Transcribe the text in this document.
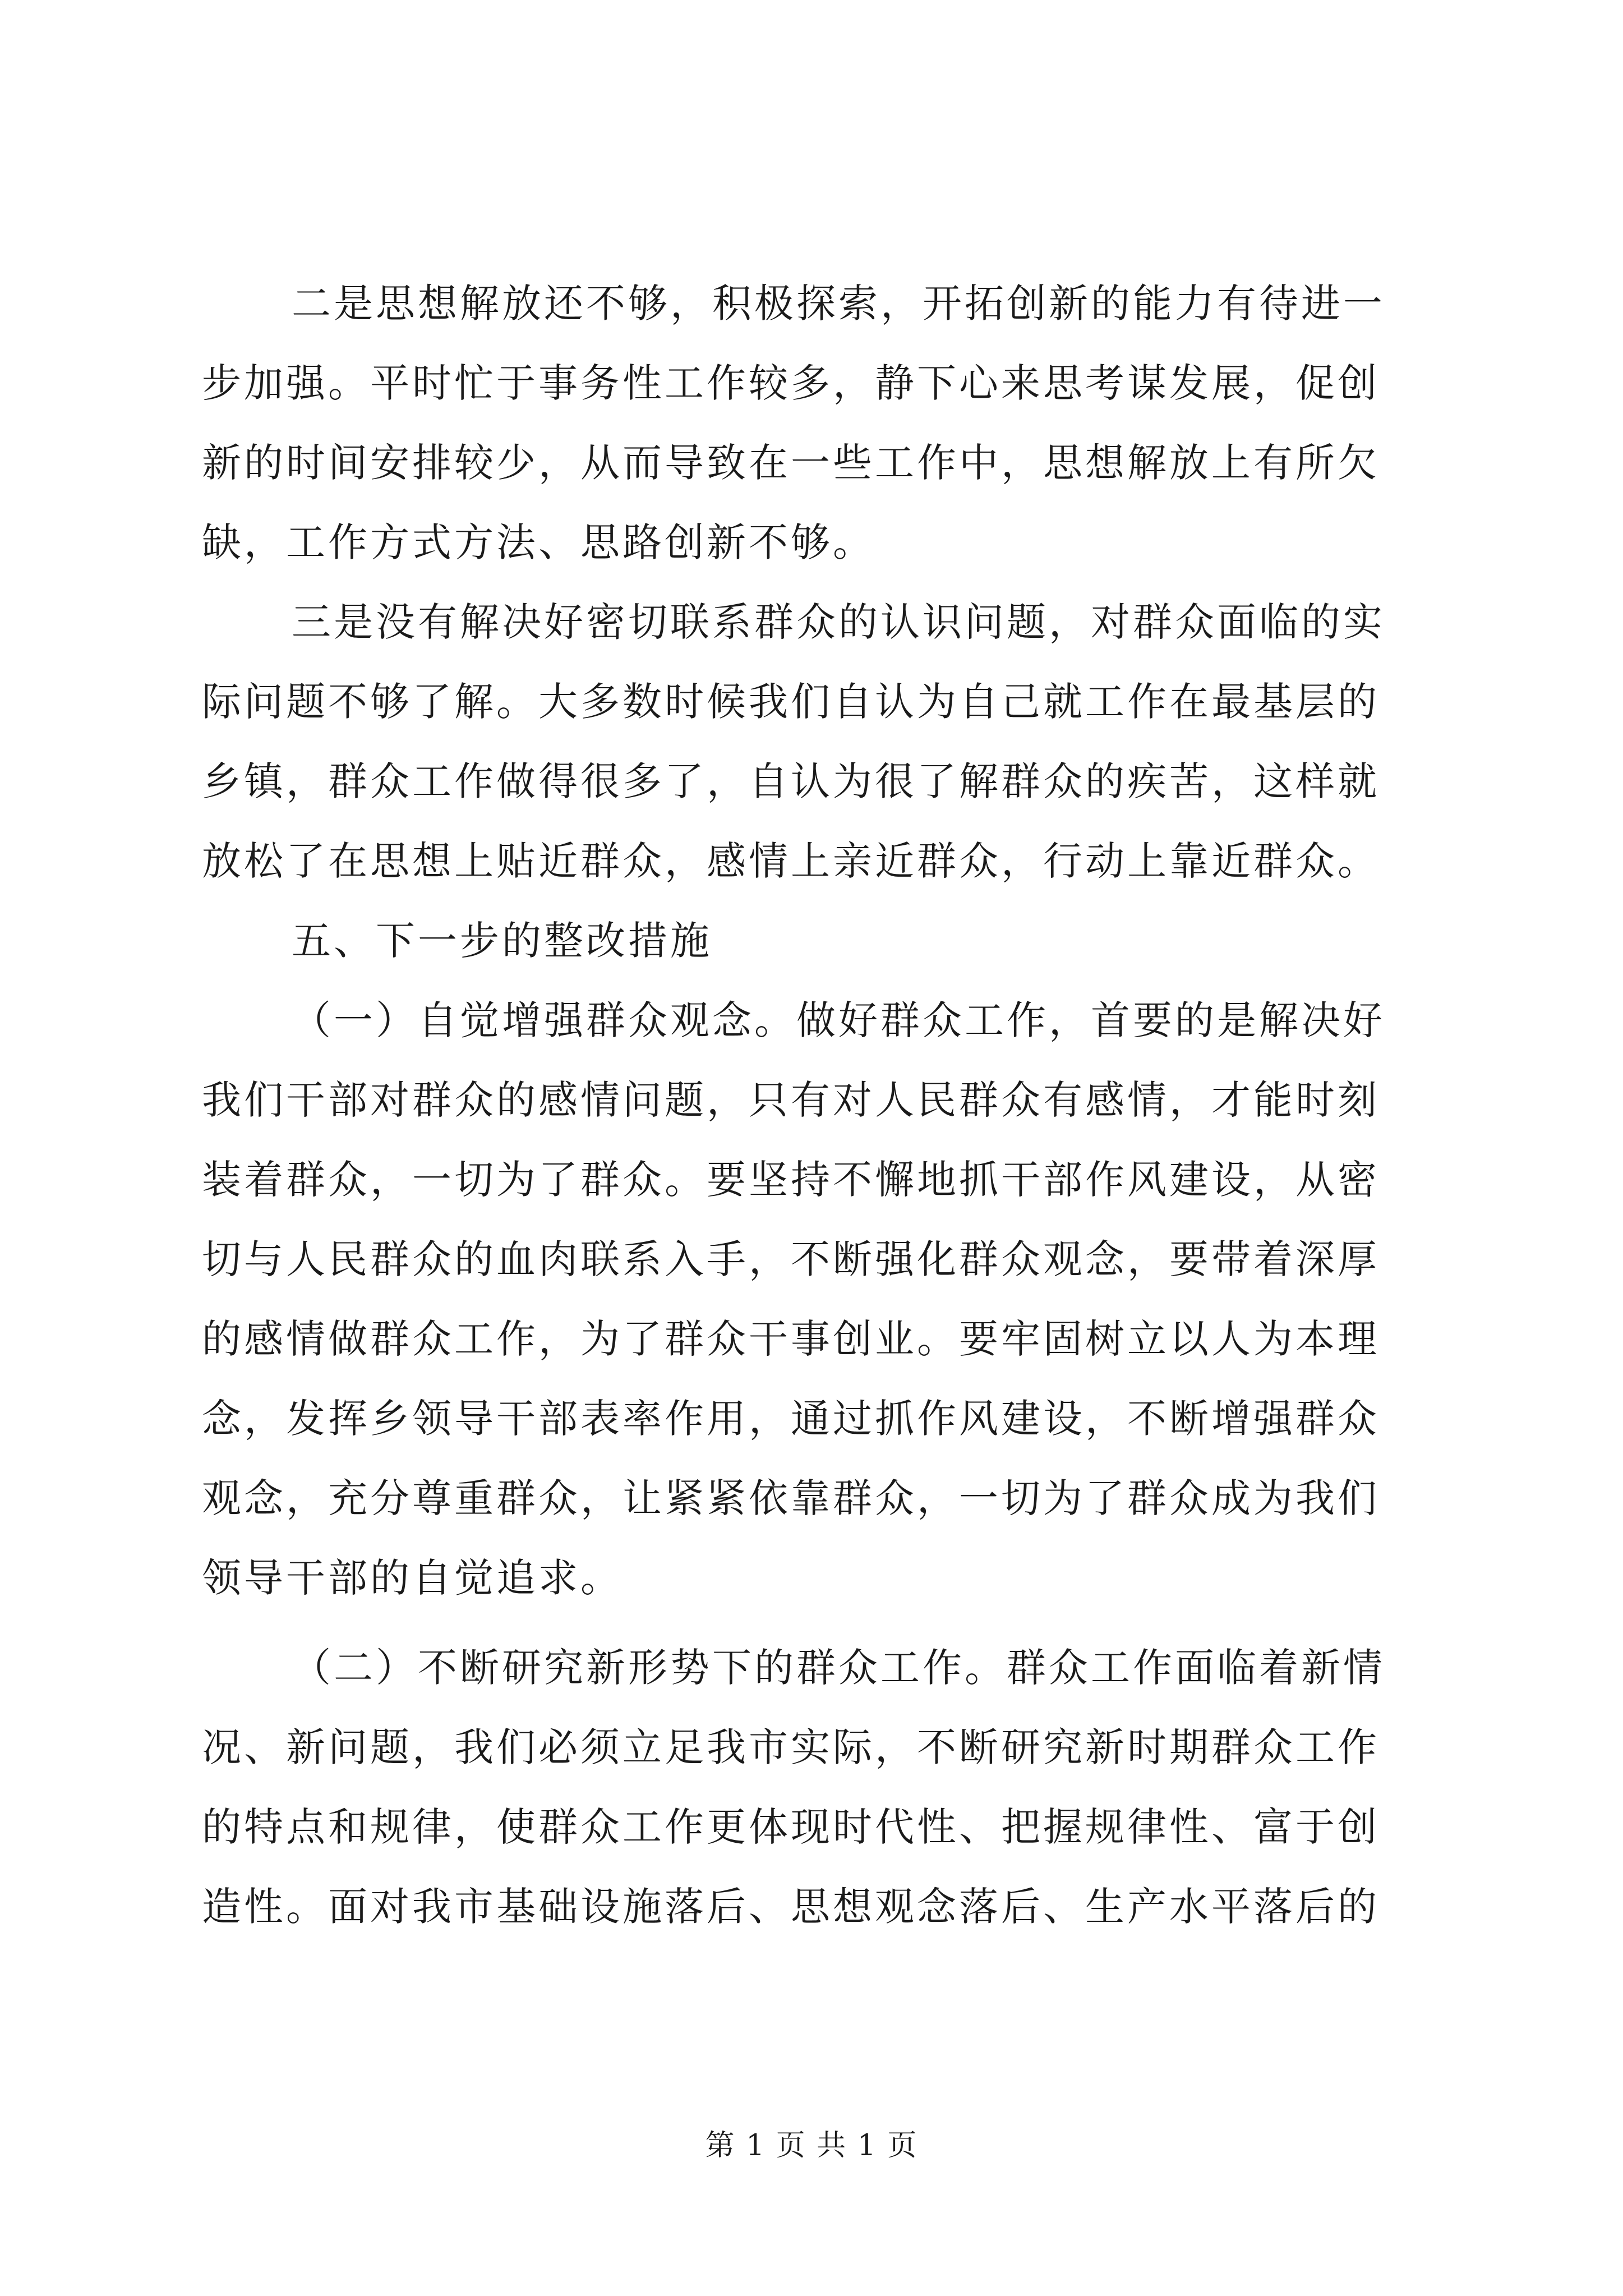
二是思想解放还不够，积极探索，开拓创新的能力有待进一
步加强。平时忙于事务性工作较多，静下心来思考谋发展，促创
新的时间安排较少，从而导致在一些工作中，思想解放上有所欠
缺，工作方式方法、思路创新不够。
三是没有解决好密切联系群众的认识问题，对群众面临的实
际问题不够了解。大多数时候我们自认为自己就工作在最基层的
乡镇，群众工作做得很多了，自认为很了解群众的疾苦，这样就
放松了在思想上贴近群众，感情上亲近群众，行动上靠近群众。
五、下一步的整改措施
（一）自觉增强群众观念。做好群众工作，首要的是解决好
我们干部对群众的感情问题，只有对人民群众有感情，才能时刻
装着群众，一切为了群众。要坚持不懈地抓干部作风建设，从密
切与人民群众的血肉联系入手，不断强化群众观念，要带着深厚
的感情做群众工作，为了群众干事创业。要牢固树立以人为本理
念，发挥乡领导干部表率作用，通过抓作风建设，不断增强群众
观念，充分尊重群众，让紧紧依靠群众，一切为了群众成为我们
领导干部的自觉追求。
（二）不断研究新形势下的群众工作。群众工作面临着新情
况、新问题，我们必须立足我市实际，不断研究新时期群众工作
的特点和规律，使群众工作更体现时代性、把握规律性、富于创
造性。面对我市基础设施落后、思想观念落后、生产水平落后的
第 1 页 共 1 页
